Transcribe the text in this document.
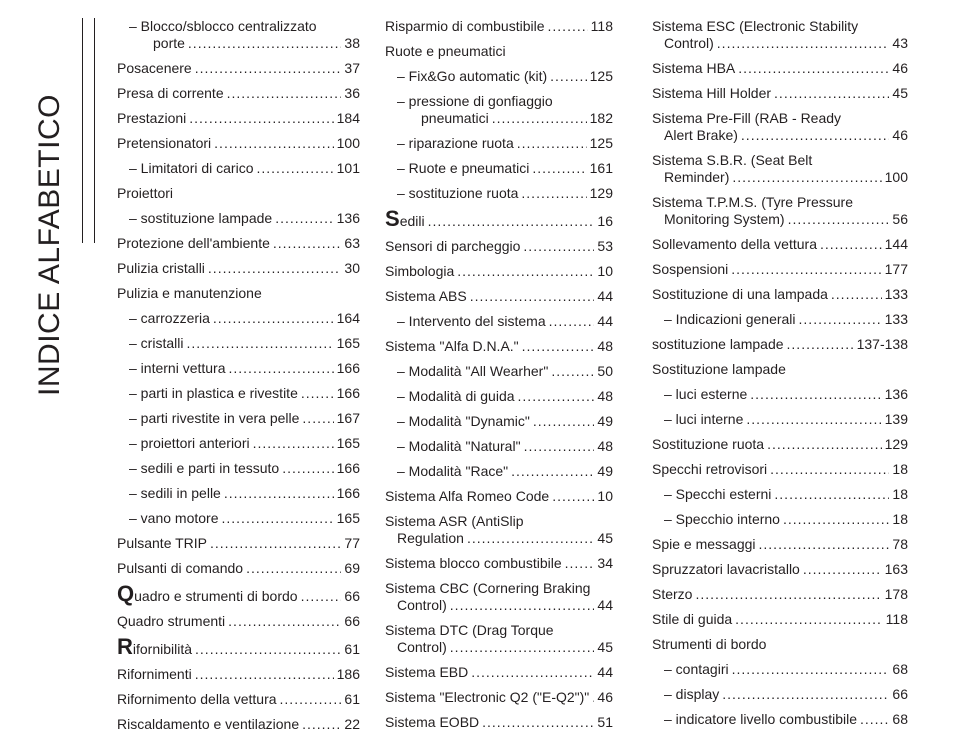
INDICE ALFABETICO
– Blocco/sblocco centralizzato
porte .....	38
Posacenere .....	37
Presa di corrente .....	36
Prestazioni .....	184
Pretensionatori .....	100
– Limitatori di carico .....	101
Proiettori
– sostituzione lampade .....	136
Protezione dell'ambiente .....	63
Pulizia cristalli .....	30
Pulizia e manutenzione
– carrozzeria .....	164
– cristalli .....	165
– interni vettura .....	166
– parti in plastica e rivestite .....	166
– parti rivestite in vera pelle .....	167
– proiettori anteriori .....	165
– sedili e parti in tessuto .....	166
– sedili in pelle .....	166
– vano motore .....	165
Pulsante TRIP .....	77
Pulsanti di comando .....	69
Quadro e strumenti di bordo .....	66
Quadro strumenti .....	66
Rifornibilità .....	61
Rifornimenti .....	186
Rifornimento della vettura .....	61
Riscaldamento e ventilazione .....	22
Risparmio di combustibile .....	118
Ruote e pneumatici
– Fix&Go automatic (kit) .....	125
– pressione di gonfiaggio
pneumatici .....	182
– riparazione ruota .....	125
– Ruote e pneumatici .....	161
– sostituzione ruota .....	129
Sedili .....	16
Sensori di parcheggio .....	53
Simbologia .....	10
Sistema ABS .....	44
– Intervento del sistema .....	44
Sistema "Alfa D.N.A." .....	48
– Modalità "All Wearher" .....	50
– Modalità di guida .....	48
– Modalità "Dynamic" .....	49
– Modalità "Natural" .....	48
– Modalità "Race" .....	49
Sistema Alfa Romeo Code .....	10
Sistema ASR (AntiSlip
Regulation .....	45
Sistema blocco combustibile .....	34
Sistema CBC (Cornering Braking
Control) .....	44
Sistema DTC (Drag Torque
Control) .....	45
Sistema EBD .....	44
Sistema "Electronic Q2 ("E-Q2")" ..... 46
Sistema EOBD .....	51
Sistema ESC (Electronic Stability
Control) .....	43
Sistema HBA .....	46
Sistema Hill Holder .....	45
Sistema Pre-Fill (RAB - Ready
Alert Brake) .....	46
Sistema S.B.R. (Seat Belt
Reminder) .....	100
Sistema T.P.M.S. (Tyre Pressure
Monitoring System) .....	56
Sollevamento della vettura .....	144
Sospensioni .....	177
Sostituzione di una lampada .....	133
– Indicazioni generali .....	133
sostituzione lampade .....	137-138
Sostituzione lampade
– luci esterne .....	136
– luci interne .....	139
Sostituzione ruota .....	129
Specchi retrovisori .....	18
– Specchi esterni .....	18
– Specchio interno .....	18
Spie e messaggi .....	78
Spruzzatori lavacristallo .....	163
Sterzo .....	178
Stile di guida .....	118
Strumenti di bordo
– contagiri .....	68
– display .....	66
– indicatore livello combustibile .....	68
